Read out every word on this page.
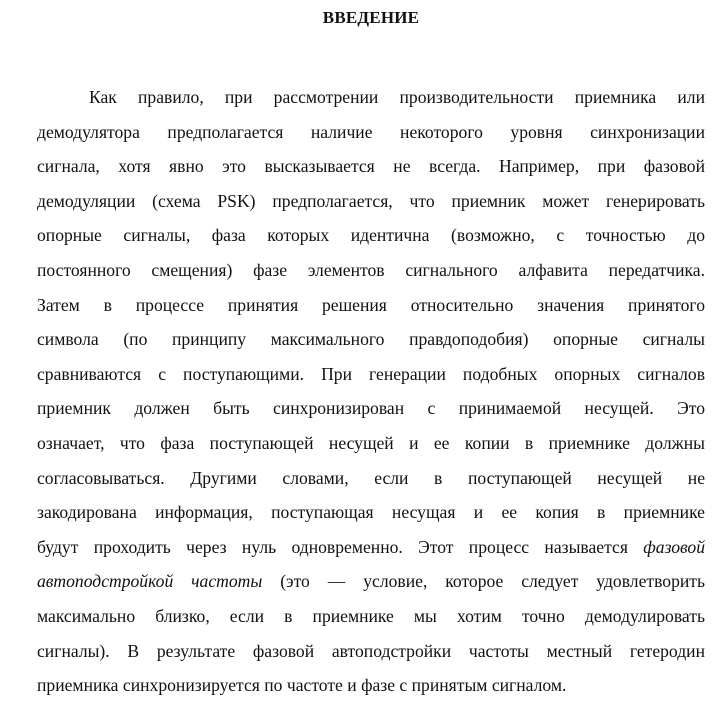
ВВЕДЕНИЕ
Как правило, при рассмотрении производительности приемника или
демодулятора предполагается наличие некоторого уровня синхронизации
сигнала, хотя явно это высказывается не всегда. Например, при фазовой
демодуляции (схема PSK) предполагается, что приемник может генерировать
опорные сигналы, фаза которых идентична (возможно, с точностью до
постоянного смещения) фазе элементов сигнального алфавита передатчика.
Затем в процессе принятия решения относительно значения принятого
символа (по принципу максимального правдоподобия) опорные сигналы
сравниваются с поступающими. При генерации подобных опорных сигналов
приемник должен быть синхронизирован с принимаемой несущей. Это
означает, что фаза поступающей несущей и ее копии в приемнике должны
согласовываться. Другими словами, если в поступающей несущей не
закодирована информация, поступающая несущая и ее копия в приемнике
будут проходить через нуль одновременно. Этот процесс называется фазовой
автоподстройкой частоты (это — условие, которое следует удовлетворить
максимально близко, если в приемнике мы хотим точно демодулировать
сигналы). В результате фазовой автоподстройки частоты местный гетеродин
приемника синхронизируется по частоте и фазе с принятым сигналом.
